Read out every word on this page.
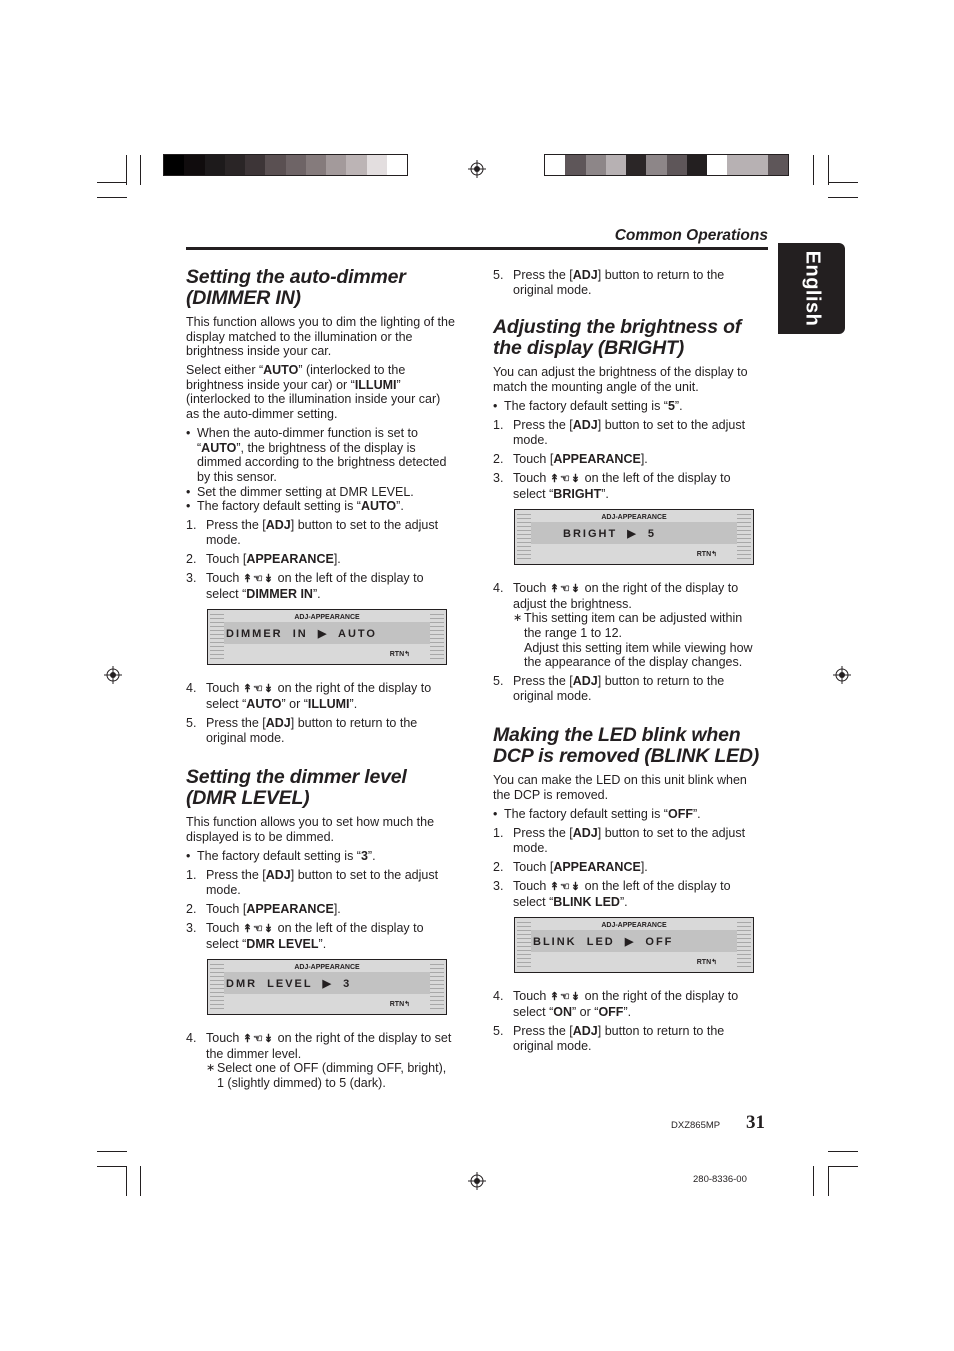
Common Operations
English
Setting the auto-dimmer (DIMMER IN)

This function allows you to dim the lighting of the display matched to the illumination or the brightness inside your car.

Select either “AUTO” (interlocked to the brightness inside your car) or “ILLUMI” (interlocked to the illumination inside your car) as the auto-dimmer setting.

• When the auto-dimmer function is set to “AUTO”, the brightness of the display is dimmed according to the brightness detected by this sensor.
• Set the dimmer setting at DMR LEVEL.
• The factory default setting is “AUTO”.
1. Press the [ADJ] button to set to the adjust mode.
2. Touch [APPEARANCE].
3. Touch ↟☜↡ on the left of the display to select “DIMMER IN”.
ADJ-APPEARANCE
DIMMER  IN  ▶  AUTO
RTN↰
4. Touch ↟☜↡ on the right of the display to select “AUTO” or “ILLUMI”.
5. Press the [ADJ] button to return to the original mode.
Setting the dimmer level (DMR LEVEL)

This function allows you to set how much the displayed is to be dimmed.

• The factory default setting is “3”.
1. Press the [ADJ] button to set to the adjust mode.
2. Touch [APPEARANCE].
3. Touch ↟☜↡ on the left of the display to select “DMR LEVEL”.
ADJ-APPEARANCE
DMR  LEVEL  ▶  3
RTN↰
4. Touch ↟☜↡ on the right of the display to set the dimmer level.
∗ Select one of OFF (dimming OFF, bright), 1 (slightly dimmed) to 5 (dark).
5. Press the [ADJ] button to return to the original mode.
Adjusting the brightness of the display (BRIGHT)

You can adjust the brightness of the display to match the mounting angle of the unit.

• The factory default setting is “5”.
1. Press the [ADJ] button to set to the adjust mode.
2. Touch [APPEARANCE].
3. Touch ↟☜↡ on the left of the display to select “BRIGHT”.
ADJ-APPEARANCE
BRIGHT  ▶  5
RTN↰
4. Touch ↟☜↡ on the right of the display to adjust the brightness.
∗ This setting item can be adjusted within the range 1 to 12.
Adjust this setting item while viewing how the appearance of the display changes.
5. Press the [ADJ] button to return to the original mode.
Making the LED blink when DCP is removed (BLINK LED)

You can make the LED on this unit blink when the DCP is removed.

• The factory default setting is “OFF”.
1. Press the [ADJ] button to set to the adjust mode.
2. Touch [APPEARANCE].
3. Touch ↟☜↡ on the left of the display to select “BLINK LED”.
ADJ-APPEARANCE
BLINK  LED  ▶  OFF
RTN↰
4. Touch ↟☜↡ on the right of the display to select “ON” or “OFF”.
5. Press the [ADJ] button to return to the original mode.
DXZ865MP 31
280-8336-00
